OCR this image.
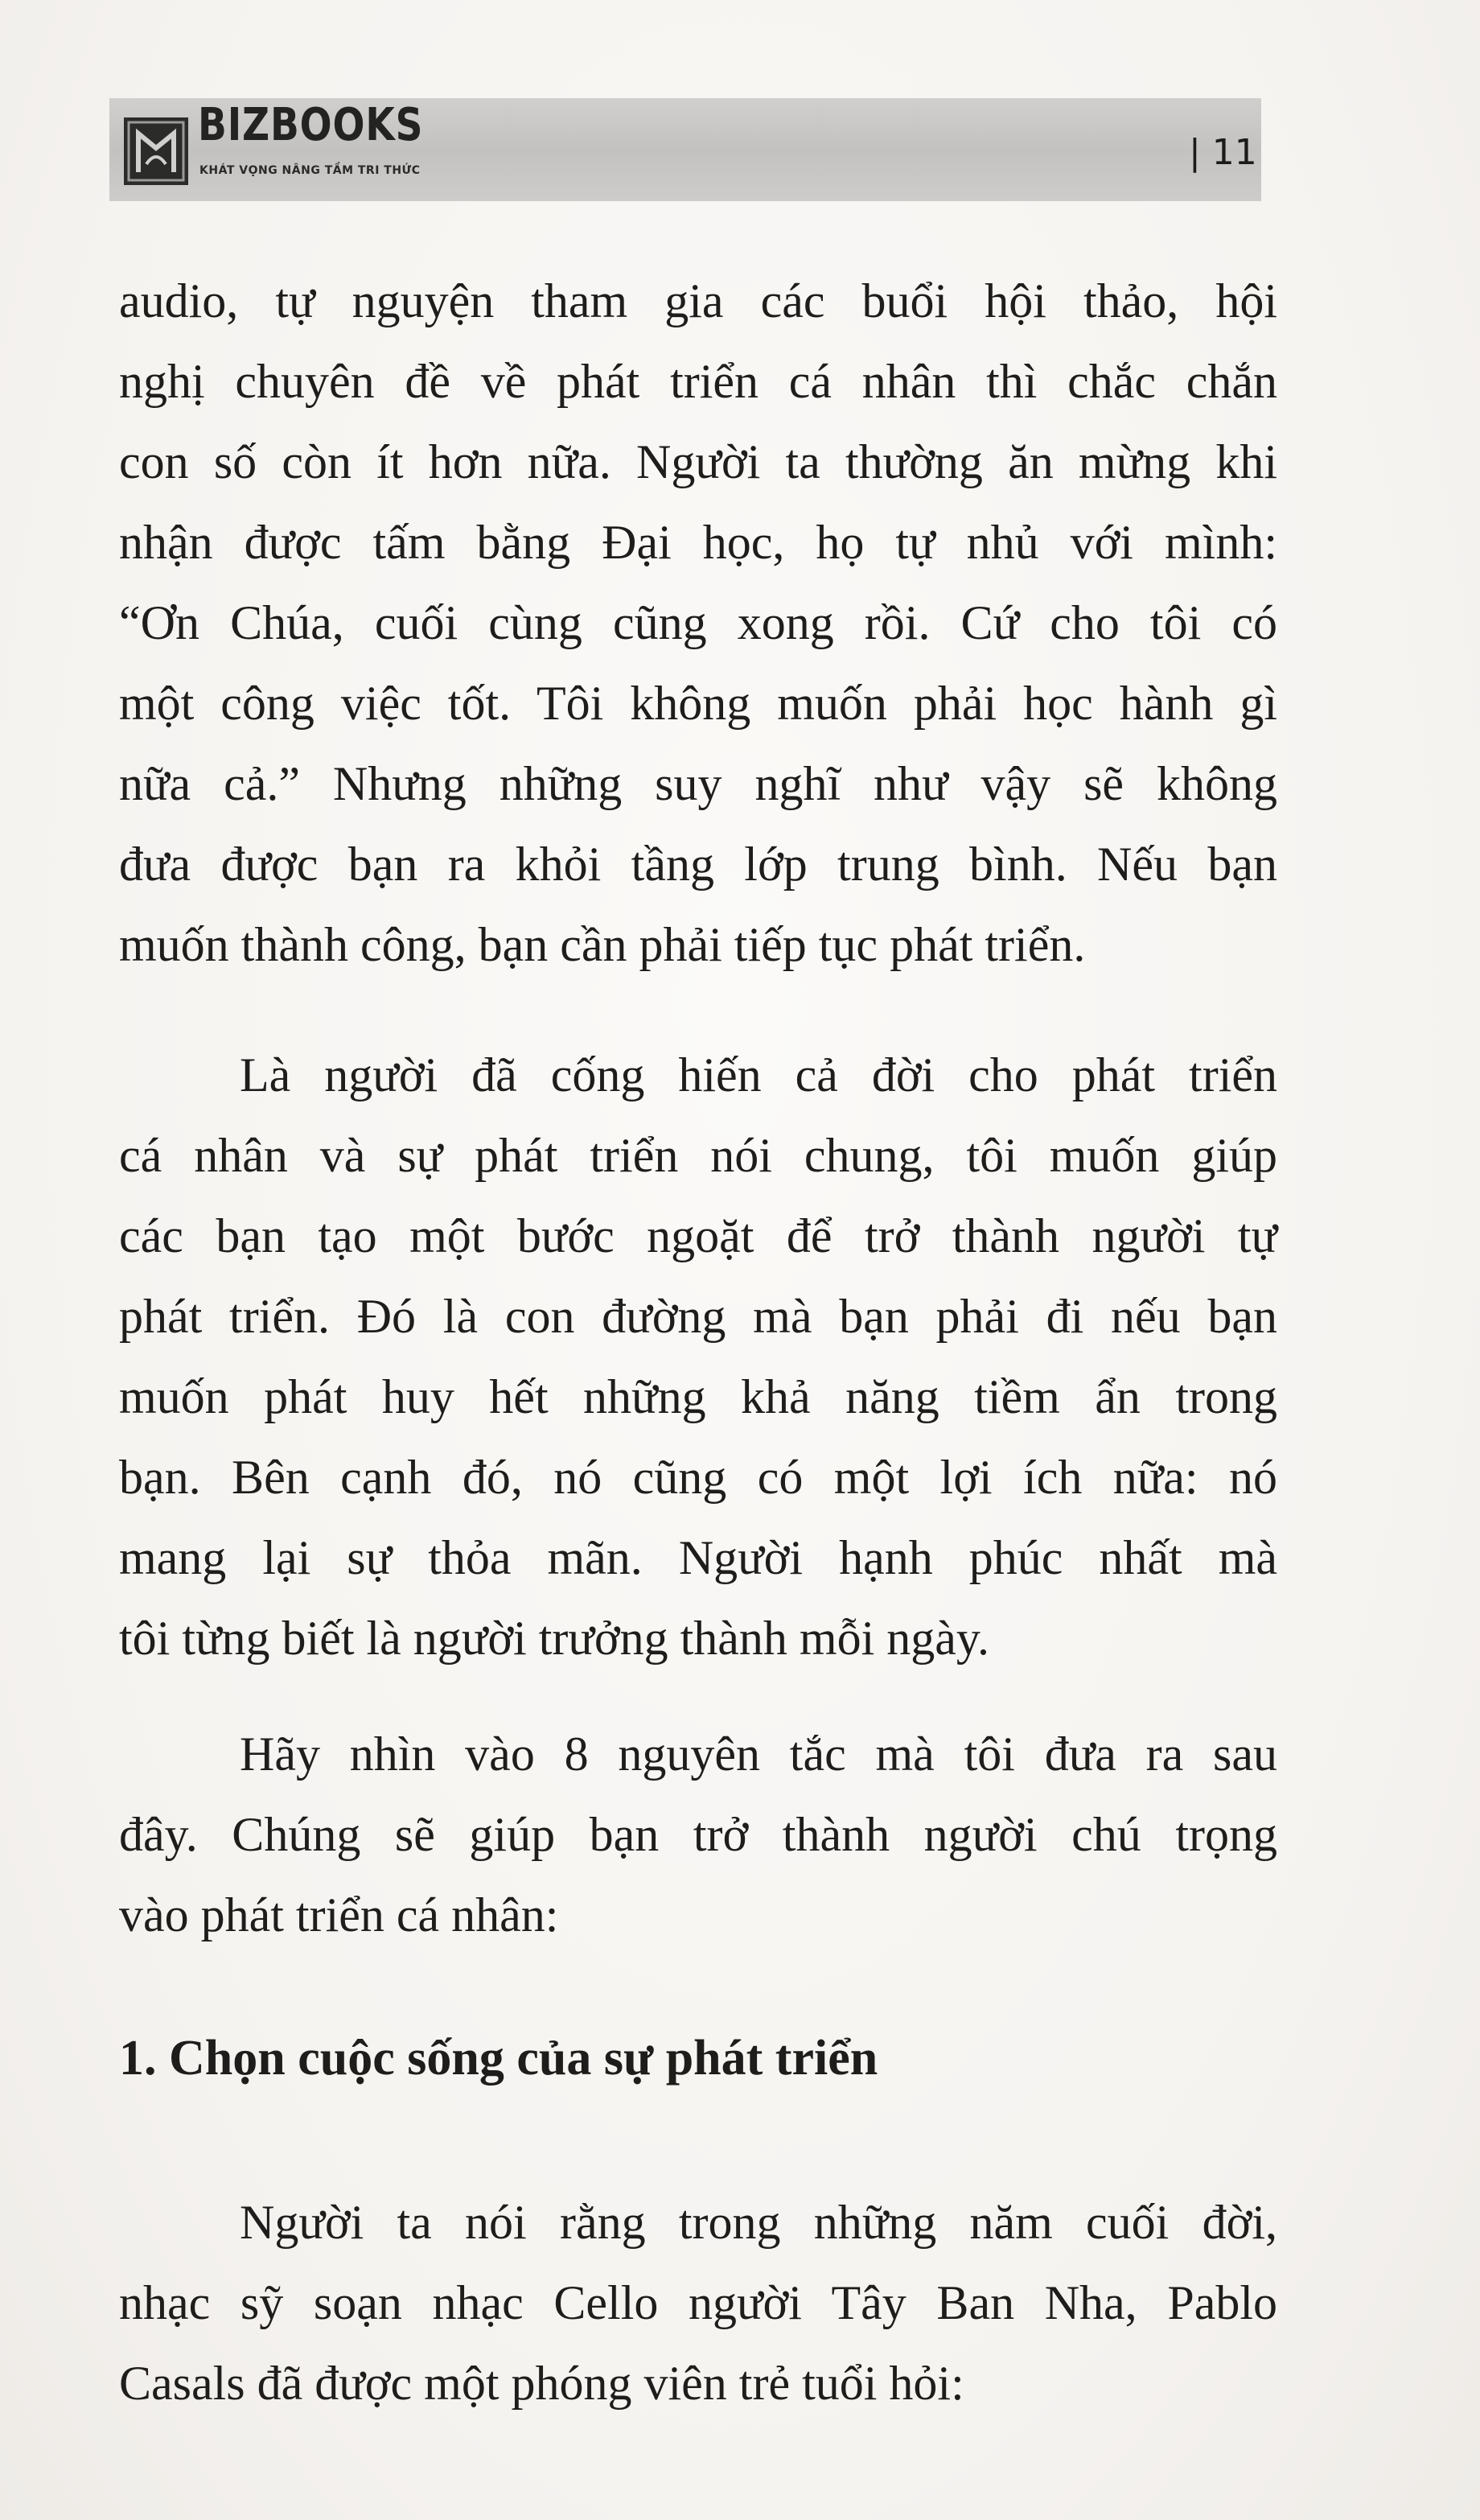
BIZBOOKS
KHÁT VỌNG NÂNG TẦM TRI THỨC	| 11

audio, tự nguyện tham gia các buổi hội thảo, hội
nghị chuyên đề về phát triển cá nhân thì chắc chắn
con số còn ít hơn nữa. Người ta thường ăn mừng khi
nhận được tấm bằng Đại học, họ tự nhủ với mình:
“Ơn Chúa, cuối cùng cũng xong rồi. Cứ cho tôi có
một công việc tốt. Tôi không muốn phải học hành gì
nữa cả.” Nhưng những suy nghĩ như vậy sẽ không
đưa được bạn ra khỏi tầng lớp trung bình. Nếu bạn
muốn thành công, bạn cần phải tiếp tục phát triển.

Là người đã cống hiến cả đời cho phát triển
cá nhân và sự phát triển nói chung, tôi muốn giúp
các bạn tạo một bước ngoặt để trở thành người tự
phát triển. Đó là con đường mà bạn phải đi nếu bạn
muốn phát huy hết những khả năng tiềm ẩn trong
bạn. Bên cạnh đó, nó cũng có một lợi ích nữa: nó
mang lại sự thỏa mãn. Người hạnh phúc nhất mà
tôi từng biết là người trưởng thành mỗi ngày.

Hãy nhìn vào 8 nguyên tắc mà tôi đưa ra sau
đây. Chúng sẽ giúp bạn trở thành người chú trọng
vào phát triển cá nhân:

1. Chọn cuộc sống của sự phát triển

Người ta nói rằng trong những năm cuối đời,
nhạc sỹ soạn nhạc Cello người Tây Ban Nha, Pablo
Casals đã được một phóng viên trẻ tuổi hỏi:
